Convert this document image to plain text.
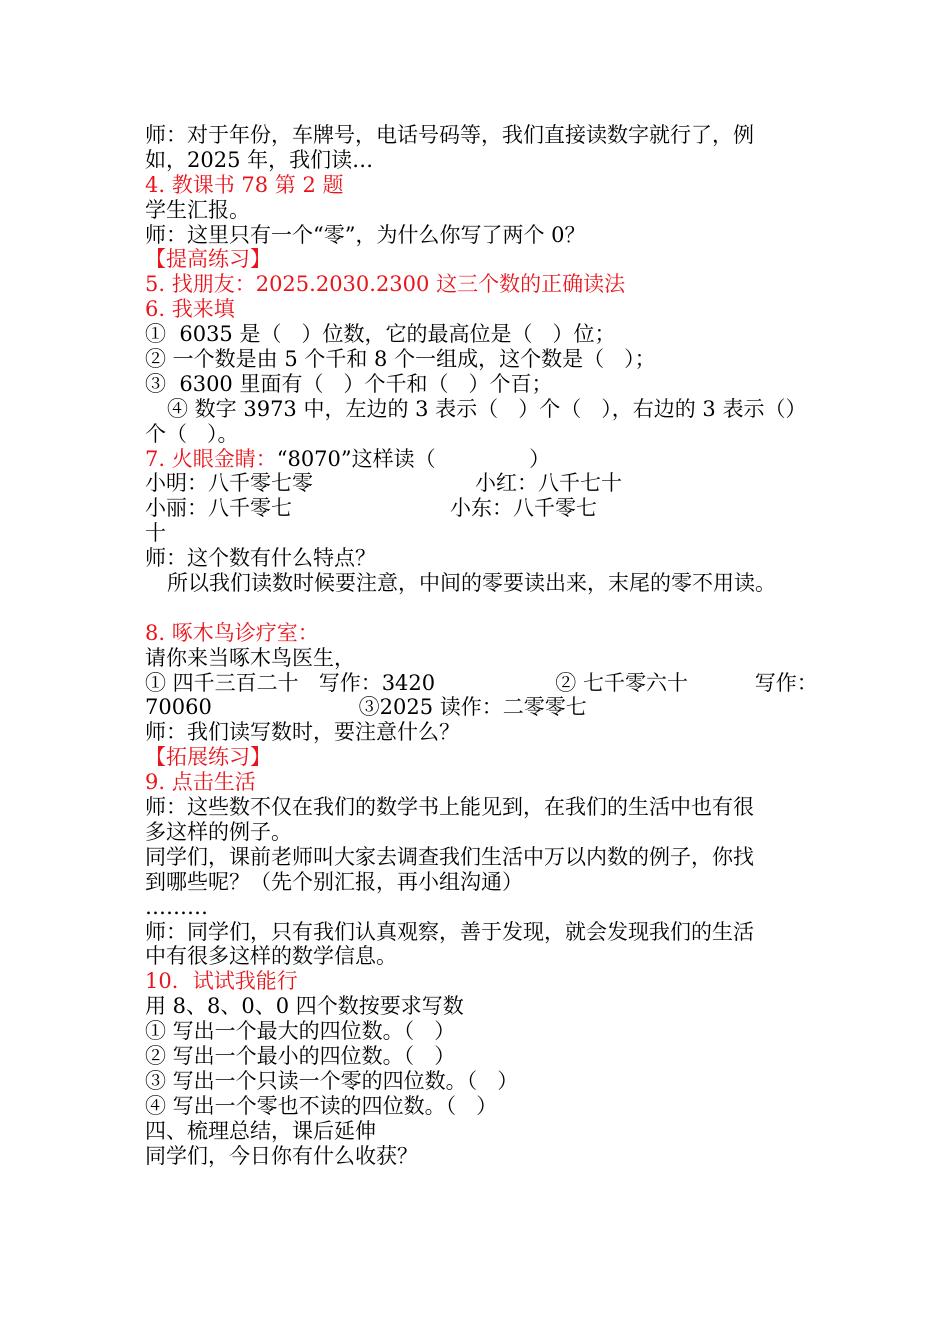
师：对于年份，车牌号，电话号码等，我们直接读数字就行了，例
如，2025 年，我们读…
4. 教课书 78 第 2 题
学生汇报。
师：这里只有一个“零”，为什么你写了两个 0？
【提高练习】
5. 找朋友：2025.2030.2300 这三个数的正确读法
6. 我来填
①  6035 是（   ）位数，它的最高位是（   ）位；
② 一个数是由 5 个千和 8 个一组成，这个数是（   ）；
③  6300 里面有（   ）个千和（   ）个百；
④ 数字 3973 中，左边的 3 表示（   ）个（   ），右边的 3 表示（）
个（   ）。
7. 火眼金睛：“8070”这样读（              ）
小明：八千零七零	小红：八千七十
小丽：八千零七	小东：八千零七
十
师：这个数有什么特点？
所以我们读数时候要注意，中间的零要读出来，末尾的零不用读。
8. 啄木鸟诊疗室：
请你来当啄木鸟医生，
① 四千三百二十   写作：3420                  ② 七千零六十          写作：
70060                      ③2025 读作：二零零七
师：我们读写数时，要注意什么？
【拓展练习】
9. 点击生活
师：这些数不仅在我们的数学书上能见到，在我们的生活中也有很
多这样的例子。
同学们，课前老师叫大家去调查我们生活中万以内数的例子，你找
到哪些呢？（先个别汇报，再小组沟通）
………
师：同学们，只有我们认真观察，善于发现，就会发现我们的生活
中有很多这样的数学信息。
10．试试我能行
用 8、8、0、0 四个数按要求写数
① 写出一个最大的四位数。（   ）
② 写出一个最小的四位数。（   ）
③ 写出一个只读一个零的四位数。（   ）
④ 写出一个零也不读的四位数。（   ）
四、梳理总结，课后延伸
同学们，今日你有什么收获？
